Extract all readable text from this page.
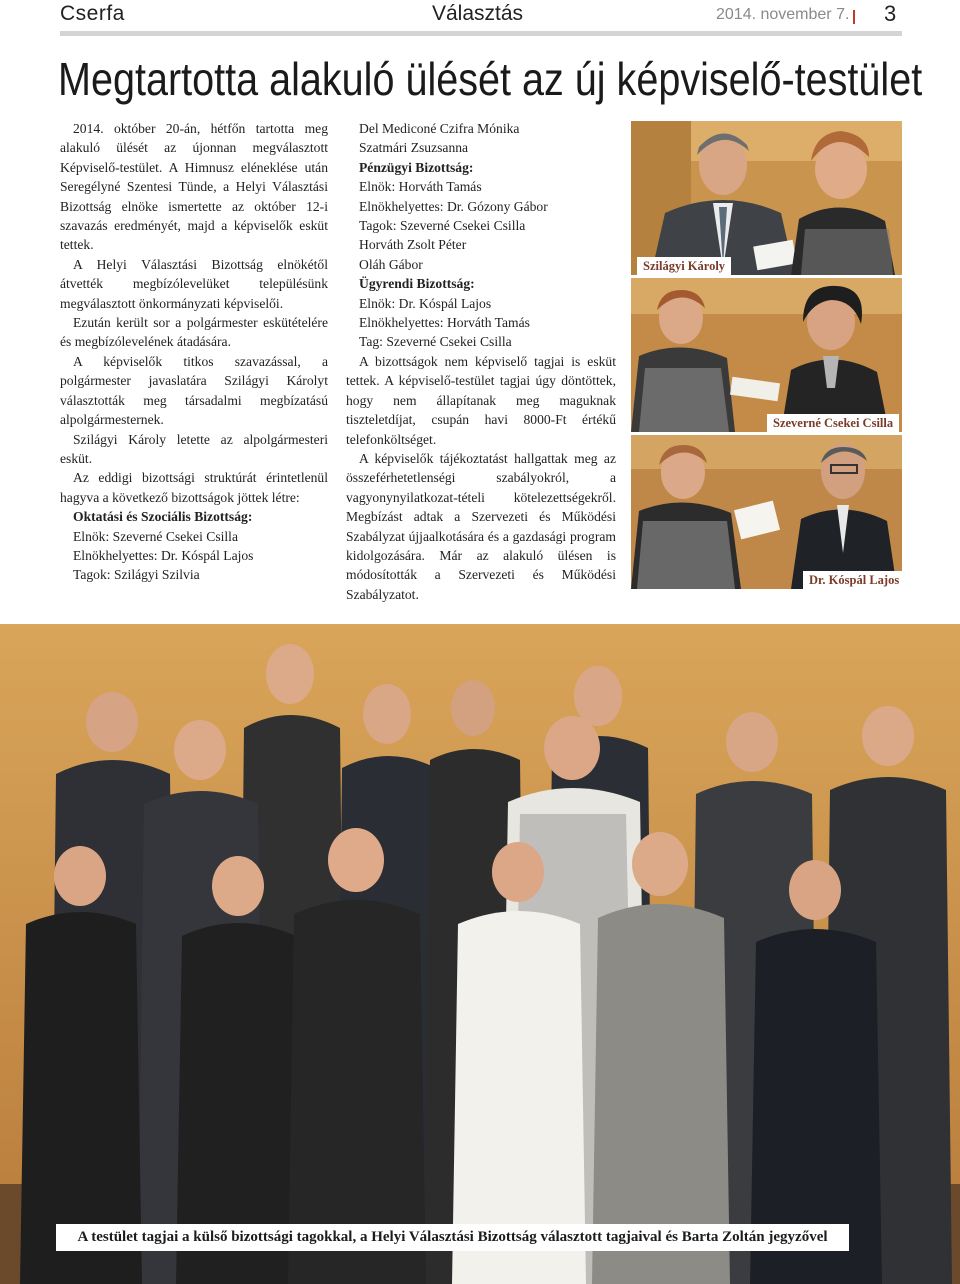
Cserfa	Választás	2014. november 7. 3
Megtartotta alakuló ülését az új képviselő-testület

2014. október 20-án, hétfőn tartotta meg alakuló ülését az újonnan megválasztott Képviselő-testület. A Himnusz eléneklése után Seregélyné Szentesi Tünde, a Helyi Választási Bizottság elnöke ismertette az október 12-i szavazás eredményét, majd a képviselők esküt tettek.

A Helyi Választási Bizottság elnökétől átvették megbízólevelüket településünk megválasztott önkormányzati képviselői.

Ezután került sor a polgármester eskütételére és megbízólevelének átadására.

A képviselők titkos szavazással, a polgármester javaslatára Szilágyi Károlyt választották meg társadalmi megbízatású alpolgármesternek.

Szilágyi Károly letette az alpolgármesteri esküt.

Az eddigi bizottsági struktúrát érintetlenül hagyva a következő bizottságok jöttek létre:

Oktatási és Szociális Bizottság:
Elnök: Szeverné Csekei Csilla
Elnökhelyettes: Dr. Kóspál Lajos
Tagok: Szilágyi Szilvia
Del Mediconé Czifra Mónika
Szatmári Zsuzsanna
Pénzügyi Bizottság:
Elnök: Horváth Tamás
Elnökhelyettes: Dr. Gózony Gábor
Tagok: Szeverné Csekei Csilla
Horváth Zsolt Péter
Oláh Gábor
Ügyrendi Bizottság:
Elnök: Dr. Kóspál Lajos
Elnökhelyettes: Horváth Tamás
Tag: Szeverné Csekei Csilla

A bizottságok nem képviselő tagjai is esküt tettek. A képviselő-testület tagjai úgy döntöttek, hogy nem állapítanak meg maguknak tiszteletdíjat, csupán havi 8000-Ft értékű telefonköltséget.

A képviselők tájékoztatást hallgattak meg az összeférhetetlenségi szabályokról, a vagyonynyilatkozat-tételi kötelezettségekről. Megbízást adtak a Szervezeti és Működési Szabályzat újjaalkotására és a gazdasági program kidolgozására. Már az alakuló ülésen is módosították a Szervezeti és Működési Szabályzatot.

Szilágyi Károly
Szeverné Csekei Csilla
Dr. Kóspál Lajos
A testület tagjai a külső bizottsági tagokkal, a Helyi Választási Bizottság választott tagjaival és Barta Zoltán jegyzővel
